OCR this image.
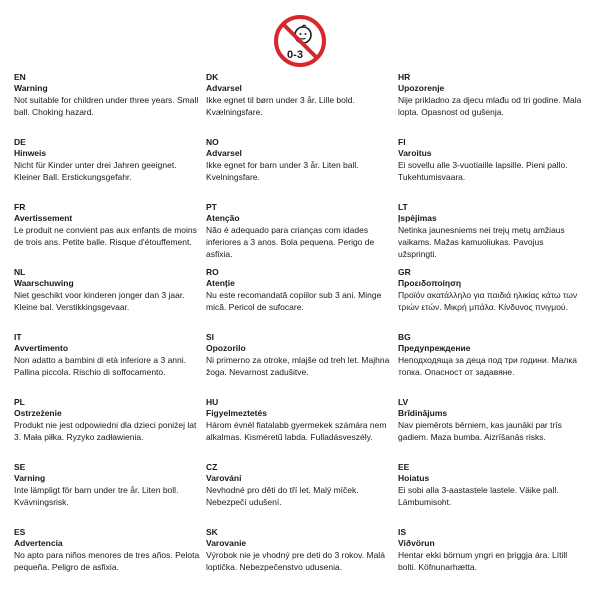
0-3
EN
Warning
Not suitable for children under three years. Small ball. Choking hazard.
DE
Hinweis
Nicht für Kinder unter drei Jahren geeignet. Kleiner Ball. Erstickungsgefahr.
FR
Avertissement
Le produit ne convient pas aux enfants de moins de trois ans. Petite balle. Risque d'étouffement.
NL
Waarschuwing
Niet geschikt voor kinderen jonger dan 3 jaar. Kleine bal. Verstikkingsgevaar.
IT
Avvertimento
Non adatto a bambini di età inferiore a 3 anni. Pallina piccola. Rischio di soffocamento.
PL
Ostrzeżenie
Produkt nie jest odpowiedni dla dzieci poniżej lat 3. Mała piłka. Ryzyko zadławienia.
SE
Varning
Inte lämpligt för barn under tre år. Liten boll. Kvävningsrisk.
ES
Advertencia
No apto para niños menores de tres años. Pelota pequeña. Peligro de asfixia.
DK
Advarsel
Ikke egnet til børn under 3 år. Lille bold. Kvælningsfare.
NO
Advarsel
Ikke egnet for barn under 3 år. Liten ball. Kvelningsfare.
PT
Atenção
Não é adequado para crianças com idades inferiores a 3 anos. Bola pequena. Perigo de asfixia.
RO
Atenție
Nu este recomandată copiilor sub 3 ani. Minge mică. Pericol de sufocare.
SI
Opozorilo
Ni primerno za otroke, mlajše od treh let. Majhna žoga. Nevarnost zadušitve.
HU
Figyelmeztetés
Három évnél fiatalabb gyermekek számára nem alkalmas. Kisméretű labda. Fulladásveszély.
CZ
Varování
Nevhodné pro děti do tří let. Malý míček. Nebezpečí udušení.
SK
Varovanie
Výrobok nie je vhodný pre deti do 3 rokov. Malá loptička. Nebezpečenstvo udusenia.
HR
Upozorenje
Nije prikladno za djecu mlađu od tri godine. Mala lopta. Opasnost od gušenja.
FI
Varoitus
Ei sovellu alle 3-vuotiaille lapsille. Pieni pallo. Tukehtumisvaara.
LT
Įspėjimas
Netinka jaunesniems nei trejų metų amžiaus vaikams. Mažas kamuoliukas. Pavojus užspringti.
GR
Προειδοποίηση
Προϊόν ακατάλληλο για παιδιά ηλικίας κάτω των τριών ετών. Μικρή μπάλα. Κίνδυνος πνιγμού.
BG
Предупреждение
Неподходяща за деца под три години. Малка топка. Опасност от задавяне.
LV
Brīdinājums
Nav piemērots bērniem, kas jaunāki par trīs gadiem. Maza bumba. Aizrīšanās risks.
EE
Hoiatus
Ei sobi alla 3-aastastele lastele. Väike pall. Lämbumisoht.
IS
Viðvörun
Hentar ekki börnum yngri en þriggja ára. Lítill bolti. Köfnunarhætta.
